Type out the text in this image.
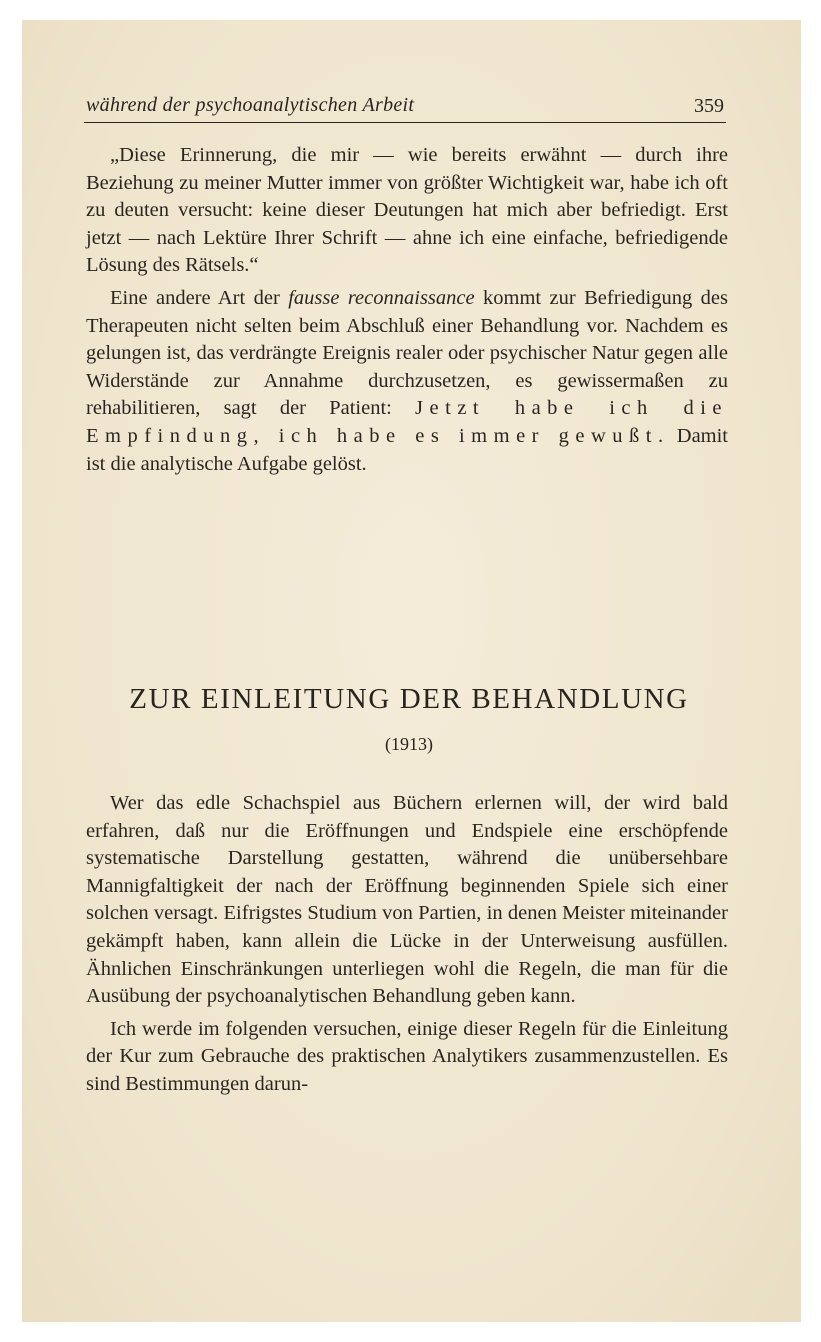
während der psychoanalytischen Arbeit	359

„Diese Erinnerung, die mir — wie bereits erwähnt — durch ihre Beziehung zu meiner Mutter immer von größter Wichtigkeit war, habe ich oft zu deuten versucht: keine dieser Deutungen hat mich aber befriedigt. Erst jetzt — nach Lektüre Ihrer Schrift — ahne ich eine einfache, befriedigende Lösung des Rätsels.“

Eine andere Art der fausse reconnaissance kommt zur Befriedigung des Therapeuten nicht selten beim Abschluß einer Behandlung vor. Nachdem es gelungen ist, das verdrängte Ereignis realer oder psychischer Natur gegen alle Widerstände zur Annahme durchzusetzen, es gewissermaßen zu rehabilitieren, sagt der Patient: Jetzt habe ich die Empfindung, ich habe es immer gewußt. Damit ist die analytische Aufgabe gelöst.

ZUR EINLEITUNG DER BEHANDLUNG
(1913)

Wer das edle Schachspiel aus Büchern erlernen will, der wird bald erfahren, daß nur die Eröffnungen und Endspiele eine erschöpfende systematische Darstellung gestatten, während die unübersehbare Mannigfaltigkeit der nach der Eröffnung beginnenden Spiele sich einer solchen versagt. Eifrigstes Studium von Partien, in denen Meister miteinander gekämpft haben, kann allein die Lücke in der Unterweisung ausfüllen. Ähnlichen Einschränkungen unterliegen wohl die Regeln, die man für die Ausübung der psychoanalytischen Behandlung geben kann.

Ich werde im folgenden versuchen, einige dieser Regeln für die Einleitung der Kur zum Gebrauche des praktischen Analytikers zusammenzustellen. Es sind Bestimmungen darun-
